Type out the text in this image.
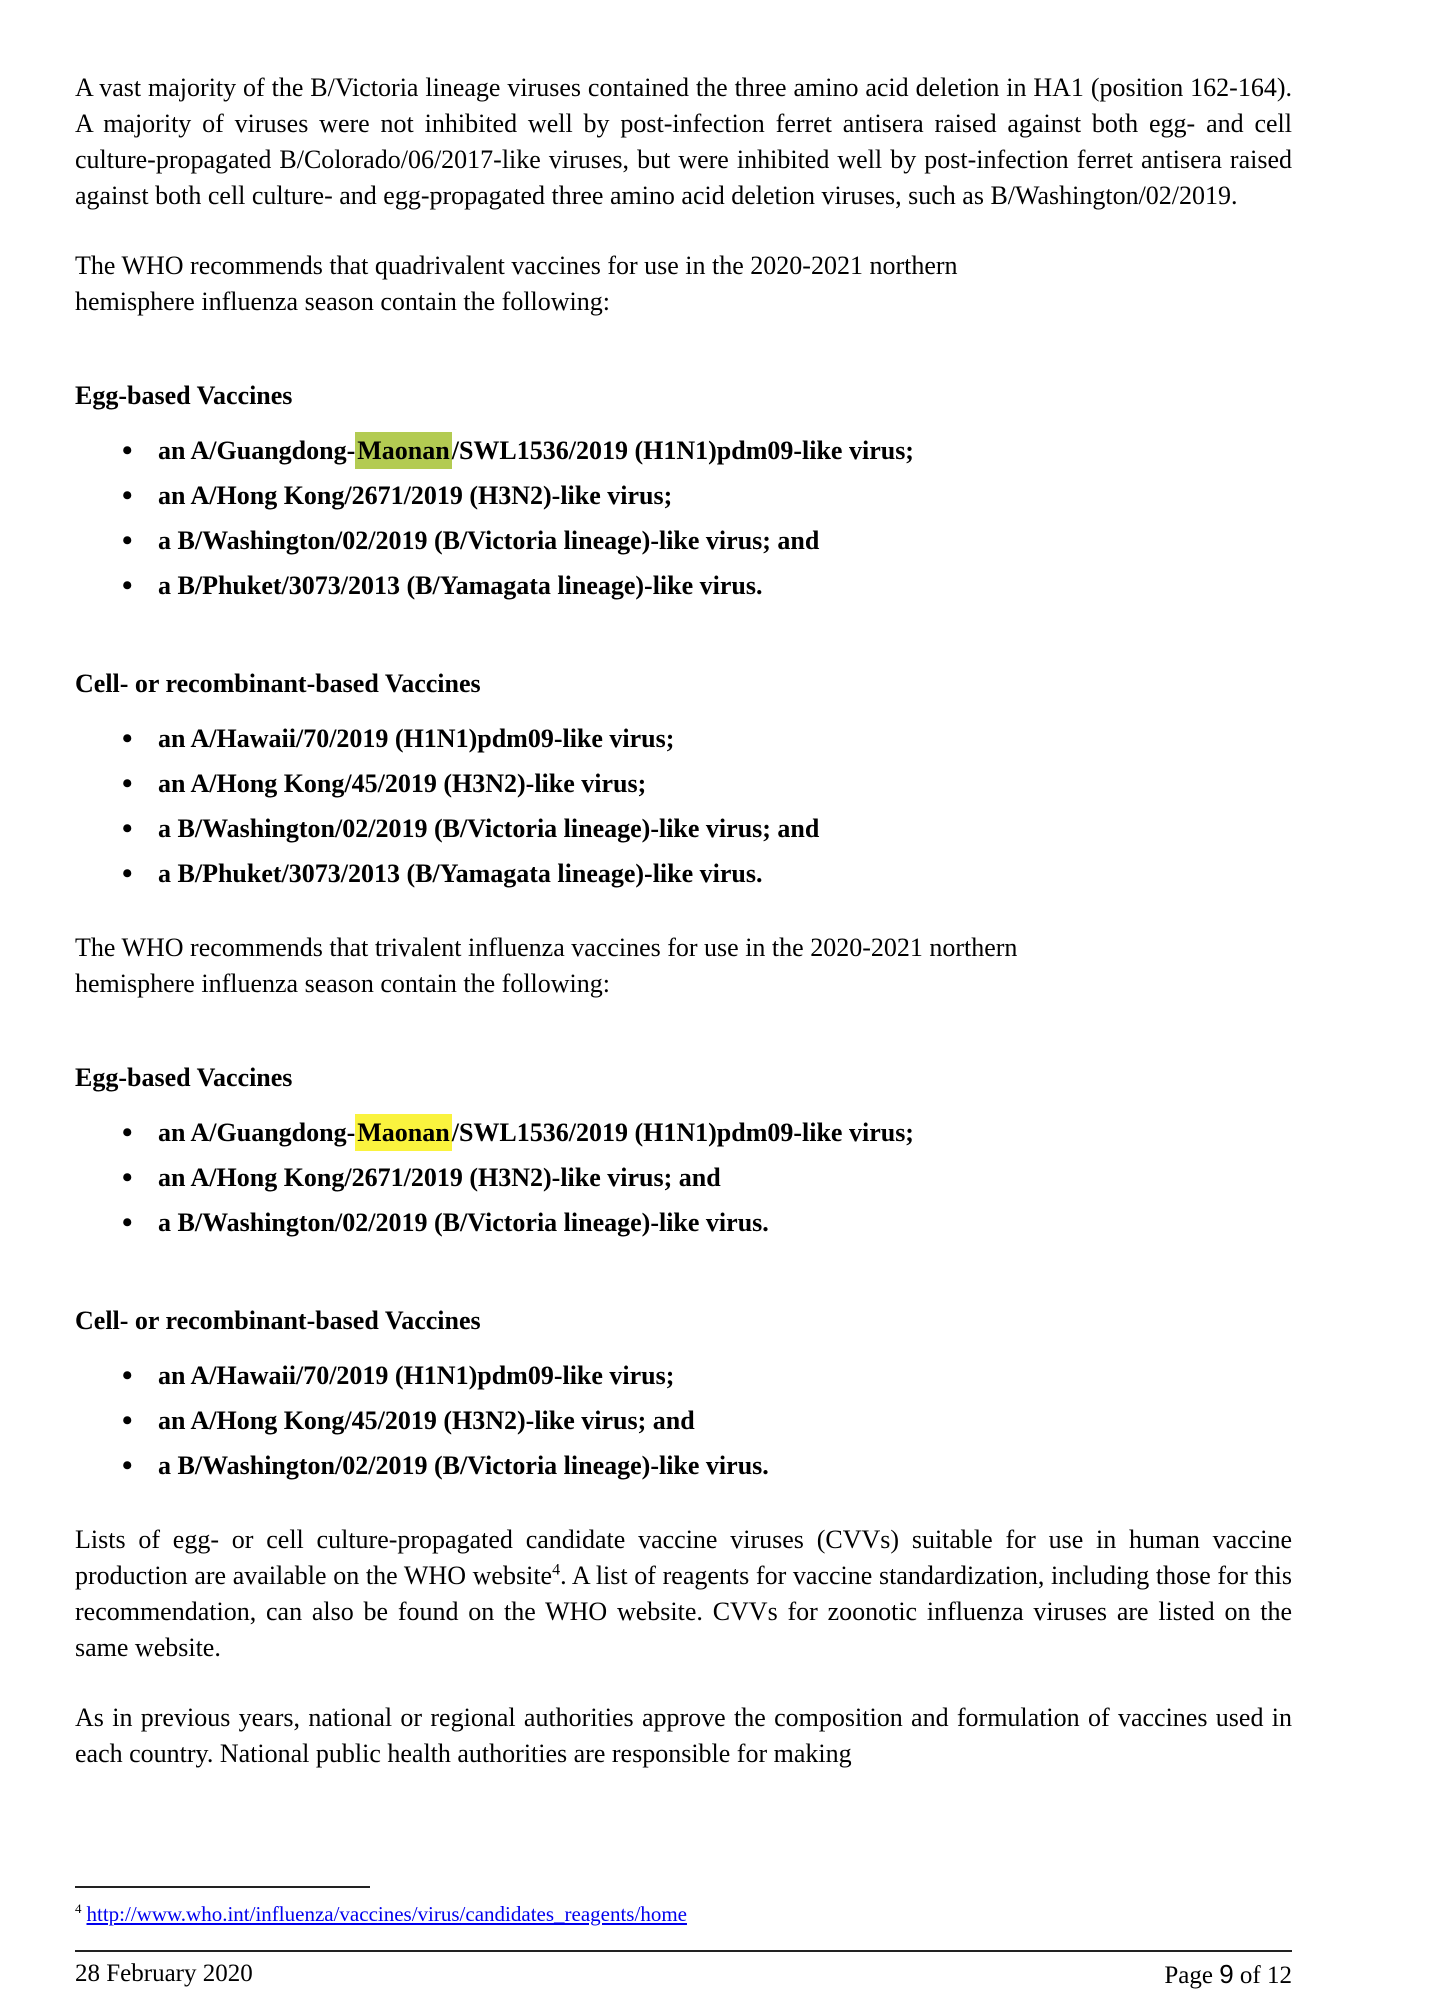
A vast majority of the B/Victoria lineage viruses contained the three amino acid deletion in HA1 (position 162-164). A majority of viruses were not inhibited well by post-infection ferret antisera raised against both egg- and cell culture-propagated B/Colorado/06/2017-like viruses, but were inhibited well by post-infection ferret antisera raised against both cell culture- and egg-propagated three amino acid deletion viruses, such as B/Washington/02/2019.

The WHO recommends that quadrivalent vaccines for use in the 2020-2021 northern
hemisphere influenza season contain the following:

Egg-based Vaccines
• an A/Guangdong-Maonan/SWL1536/2019 (H1N1)pdm09-like virus;
• an A/Hong Kong/2671/2019 (H3N2)-like virus;
• a B/Washington/02/2019 (B/Victoria lineage)-like virus; and
• a B/Phuket/3073/2013 (B/Yamagata lineage)-like virus.
Cell- or recombinant-based Vaccines
• an A/Hawaii/70/2019 (H1N1)pdm09-like virus;
• an A/Hong Kong/45/2019 (H3N2)-like virus;
• a B/Washington/02/2019 (B/Victoria lineage)-like virus; and
• a B/Phuket/3073/2013 (B/Yamagata lineage)-like virus.

The WHO recommends that trivalent influenza vaccines for use in the 2020-2021 northern
hemisphere influenza season contain the following:

Egg-based Vaccines
• an A/Guangdong-Maonan/SWL1536/2019 (H1N1)pdm09-like virus;
• an A/Hong Kong/2671/2019 (H3N2)-like virus; and
• a B/Washington/02/2019 (B/Victoria lineage)-like virus.
Cell- or recombinant-based Vaccines
• an A/Hawaii/70/2019 (H1N1)pdm09-like virus;
• an A/Hong Kong/45/2019 (H3N2)-like virus; and
• a B/Washington/02/2019 (B/Victoria lineage)-like virus.

Lists of egg- or cell culture-propagated candidate vaccine viruses (CVVs) suitable for use in human vaccine production are available on the WHO website$^4$. A list of reagents for vaccine standardization, including those for this recommendation, can also be found on the WHO website. CVVs for zoonotic influenza viruses are listed on the same website.

As in previous years, national or regional authorities approve the composition and formulation of vaccines used in each country. National public health authorities are responsible for making

$^4$ http://www.who.int/influenza/vaccines/virus/candidates_reagents/home
28 February 2020	Page 9 of 12
